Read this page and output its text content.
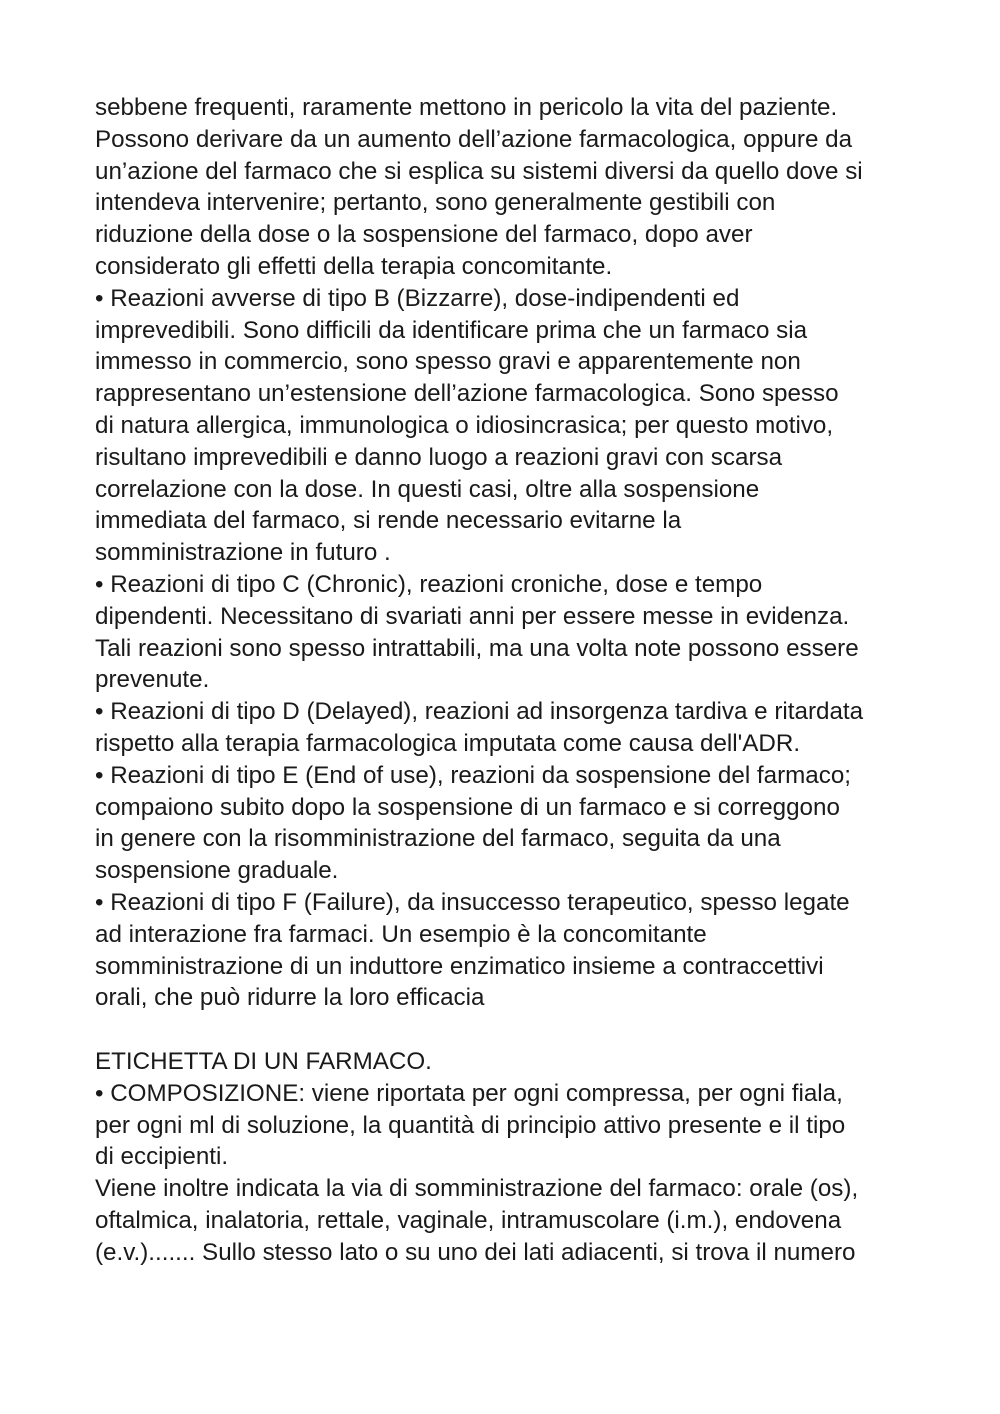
sebbene frequenti, raramente mettono in pericolo la vita del paziente.
Possono derivare da un aumento dell’azione farmacologica, oppure da
un’azione del farmaco che si esplica su sistemi diversi da quello dove si
intendeva intervenire; pertanto, sono generalmente gestibili con
riduzione della dose o la sospensione del farmaco, dopo aver
considerato gli effetti della terapia concomitante.
• Reazioni avverse di tipo B (Bizzarre), dose-indipendenti ed
imprevedibili. Sono difficili da identificare prima che un farmaco sia
immesso in commercio, sono spesso gravi e apparentemente non
rappresentano un’estensione dell’azione farmacologica. Sono spesso
di natura allergica, immunologica o idiosincrasica; per questo motivo,
risultano imprevedibili e danno luogo a reazioni gravi con scarsa
correlazione con la dose. In questi casi, oltre alla sospensione
immediata del farmaco, si rende necessario evitarne la
somministrazione in futuro .
• Reazioni di tipo C (Chronic), reazioni croniche, dose e tempo
dipendenti. Necessitano di svariati anni per essere messe in evidenza.
Tali reazioni sono spesso intrattabili, ma una volta note possono essere
prevenute.
• Reazioni di tipo D (Delayed), reazioni ad insorgenza tardiva e ritardata
rispetto alla terapia farmacologica imputata come causa dell'ADR.
• Reazioni di tipo E (End of use), reazioni da sospensione del farmaco;
compaiono subito dopo la sospensione di un farmaco e si correggono
in genere con la risomministrazione del farmaco, seguita da una
sospensione graduale.
• Reazioni di tipo F (Failure), da insuccesso terapeutico, spesso legate
ad interazione fra farmaci. Un esempio è la concomitante
somministrazione di un induttore enzimatico insieme a contraccettivi
orali, che può ridurre la loro efficacia
ETICHETTA DI UN FARMACO.
• COMPOSIZIONE: viene riportata per ogni compressa, per ogni fiala,
per ogni ml di soluzione, la quantità di principio attivo presente e il tipo
di eccipienti.
Viene inoltre indicata la via di somministrazione del farmaco: orale (os),
oftalmica, inalatoria, rettale, vaginale, intramuscolare (i.m.), endovena
(e.v.)....... Sullo stesso lato o su uno dei lati adiacenti, si trova il numero
